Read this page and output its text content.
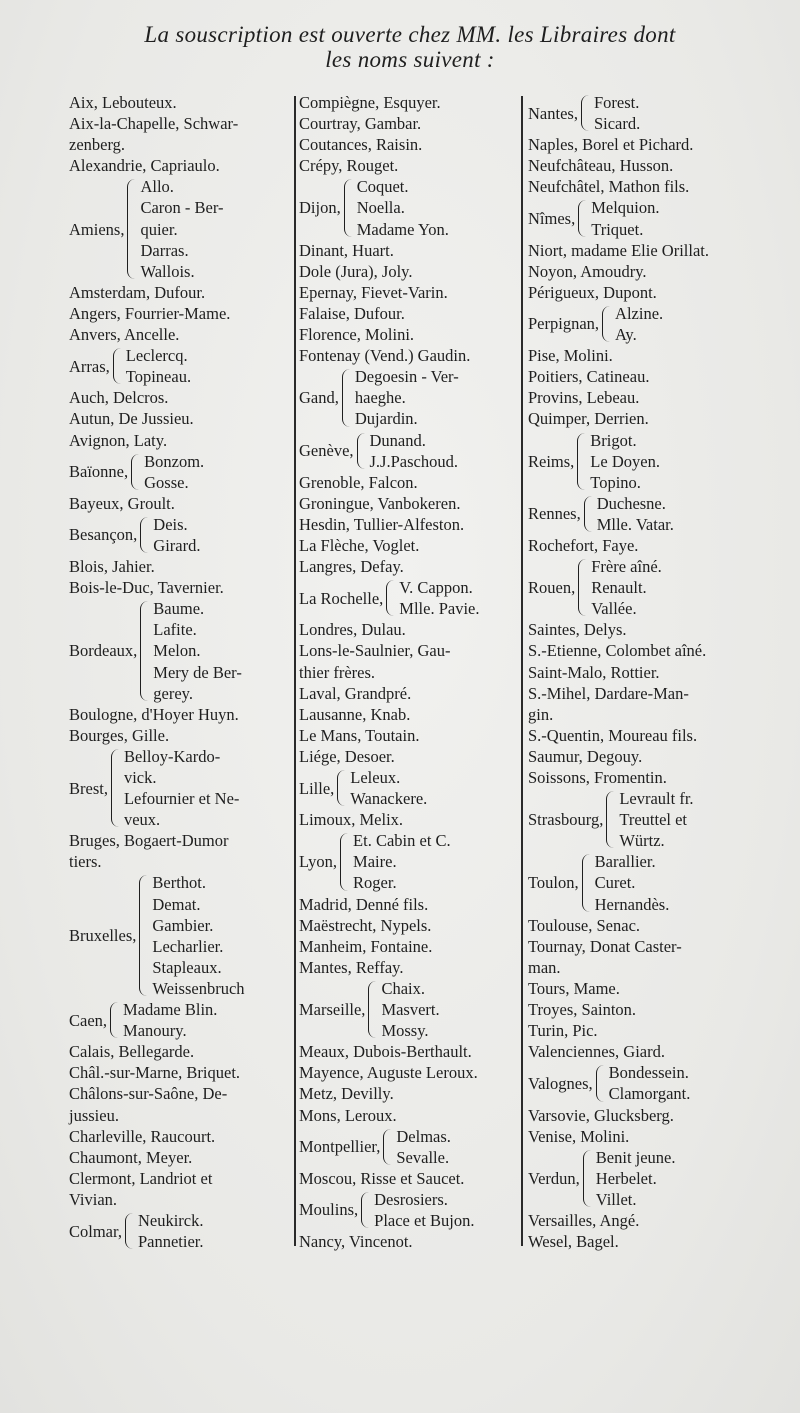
La souscription est ouverte chez MM. les Libraires dont
les noms suivent :
Aix, Lebouteux.
Aix-la-Chapelle, Schwar-
zenberg.
Alexandrie, Capriaulo.
Amiens,
Allo.
Caron - Ber-
quier.
Darras.
Wallois.
Amsterdam, Dufour.
Angers, Fourrier-Mame.
Anvers, Ancelle.
Arras,
Leclercq.
Topineau.
Auch, Delcros.
Autun, De Jussieu.
Avignon, Laty.
Baïonne,
Bonzom.
Gosse.
Bayeux, Groult.
Besançon,
Deis.
Girard.
Blois, Jahier.
Bois-le-Duc, Tavernier.
Bordeaux,
Baume.
Lafite.
Melon.
Mery de Ber-
gerey.
Boulogne, d'Hoyer Huyn.
Bourges, Gille.
Brest,
Belloy-Kardo-
vick.
Lefournier et Ne-
veux.
Bruges, Bogaert-Dumor
tiers.
Bruxelles,
Berthot.
Demat.
Gambier.
Lecharlier.
Stapleaux.
Weissenbruch
Caen,
Madame Blin.
Manoury.
Calais, Bellegarde.
Châl.-sur-Marne, Briquet.
Châlons-sur-Saône, De-
jussieu.
Charleville, Raucourt.
Chaumont, Meyer.
Clermont, Landriot et
Vivian.
Colmar,
Neukirck.
Pannetier.
Compiègne, Esquyer.
Courtray, Gambar.
Coutances, Raisin.
Crépy, Rouget.
Dijon,
Coquet.
Noella.
Madame Yon.
Dinant, Huart.
Dole (Jura), Joly.
Epernay, Fievet-Varin.
Falaise, Dufour.
Florence, Molini.
Fontenay (Vend.) Gaudin.
Gand,
Degoesin - Ver-
haeghe.
Dujardin.
Genève,
Dunand.
J.J.Paschoud.
Grenoble, Falcon.
Groningue, Vanbokeren.
Hesdin, Tullier-Alfeston.
La Flèche, Voglet.
Langres, Defay.
La Rochelle,
V. Cappon.
Mlle. Pavie.
Londres, Dulau.
Lons-le-Saulnier, Gau-
thier frères.
Laval, Grandpré.
Lausanne, Knab.
Le Mans, Toutain.
Liége, Desoer.
Lille,
Leleux.
Wanackere.
Limoux, Melix.
Lyon,
Et. Cabin et C.
Maire.
Roger.
Madrid, Denné fils.
Maëstrecht, Nypels.
Manheim, Fontaine.
Mantes, Reffay.
Marseille,
Chaix.
Masvert.
Mossy.
Meaux, Dubois-Berthault.
Mayence, Auguste Leroux.
Metz, Devilly.
Mons, Leroux.
Montpellier,
Delmas.
Sevalle.
Moscou, Risse et Saucet.
Moulins,
Desrosiers.
Place et Bujon.
Nancy, Vincenot.
Nantes,
Forest.
Sicard.
Naples, Borel et Pichard.
Neufchâteau, Husson.
Neufchâtel, Mathon fils.
Nîmes,
Melquion.
Triquet.
Niort, madame Elie Orillat.
Noyon, Amoudry.
Périgueux, Dupont.
Perpignan,
Alzine.
Ay.
Pise, Molini.
Poitiers, Catineau.
Provins, Lebeau.
Quimper, Derrien.
Reims,
Brigot.
Le Doyen.
Topino.
Rennes,
Duchesne.
Mlle. Vatar.
Rochefort, Faye.
Rouen,
Frère aîné.
Renault.
Vallée.
Saintes, Delys.
S.-Etienne, Colombet aîné.
Saint-Malo, Rottier.
S.-Mihel, Dardare-Man-
gin.
S.-Quentin, Moureau fils.
Saumur, Degouy.
Soissons, Fromentin.
Strasbourg,
Levrault fr.
Treuttel et
Würtz.
Toulon,
Barallier.
Curet.
Hernandès.
Toulouse, Senac.
Tournay, Donat Caster-
man.
Tours, Mame.
Troyes, Sainton.
Turin, Pic.
Valenciennes, Giard.
Valognes,
Bondessein.
Clamorgant.
Varsovie, Glucksberg.
Venise, Molini.
Verdun,
Benit jeune.
Herbelet.
Villet.
Versailles, Angé.
Wesel, Bagel.
